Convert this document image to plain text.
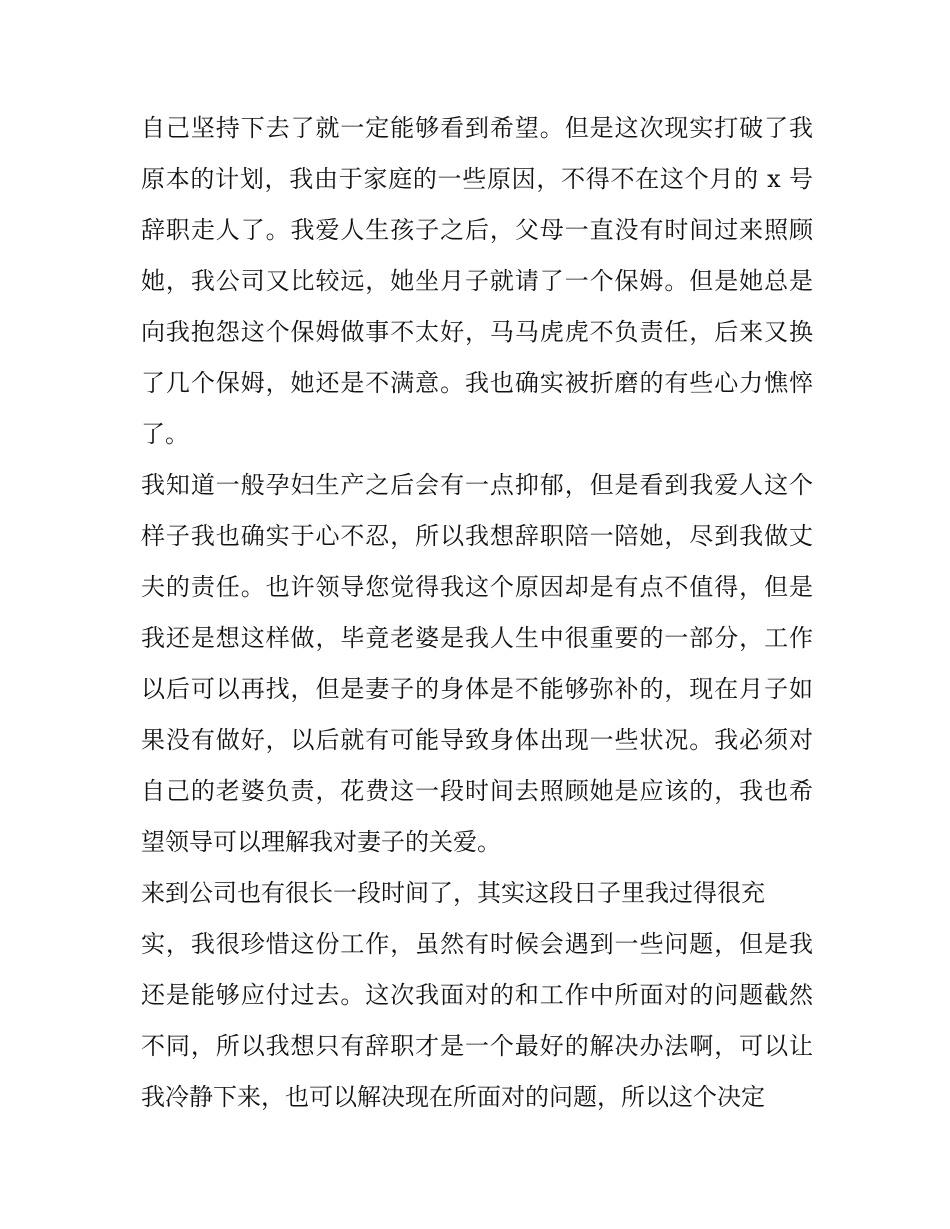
自己坚持下去了就一定能够看到希望。但是这次现实打破了我

原本的计划，我由于家庭的一些原因，不得不在这个月的 x 号

辞职走人了。我爱人生孩子之后，父母一直没有时间过来照顾

她，我公司又比较远，她坐月子就请了一个保姆。但是她总是

向我抱怨这个保姆做事不太好，马马虎虎不负责任，后来又换

了几个保姆，她还是不满意。我也确实被折磨的有些心力憔悴

了。

我知道一般孕妇生产之后会有一点抑郁，但是看到我爱人这个

样子我也确实于心不忍，所以我想辞职陪一陪她，尽到我做丈

夫的责任。也许领导您觉得我这个原因却是有点不值得，但是

我还是想这样做，毕竟老婆是我人生中很重要的一部分，工作

以后可以再找，但是妻子的身体是不能够弥补的，现在月子如

果没有做好，以后就有可能导致身体出现一些状况。我必须对

自己的老婆负责，花费这一段时间去照顾她是应该的，我也希

望领导可以理解我对妻子的关爱。

来到公司也有很长一段时间了，其实这段日子里我过得很充

实，我很珍惜这份工作，虽然有时候会遇到一些问题，但是我

还是能够应付过去。这次我面对的和工作中所面对的问题截然

不同，所以我想只有辞职才是一个最好的解决办法啊，可以让

我冷静下来，也可以解决现在所面对的问题，所以这个决定
